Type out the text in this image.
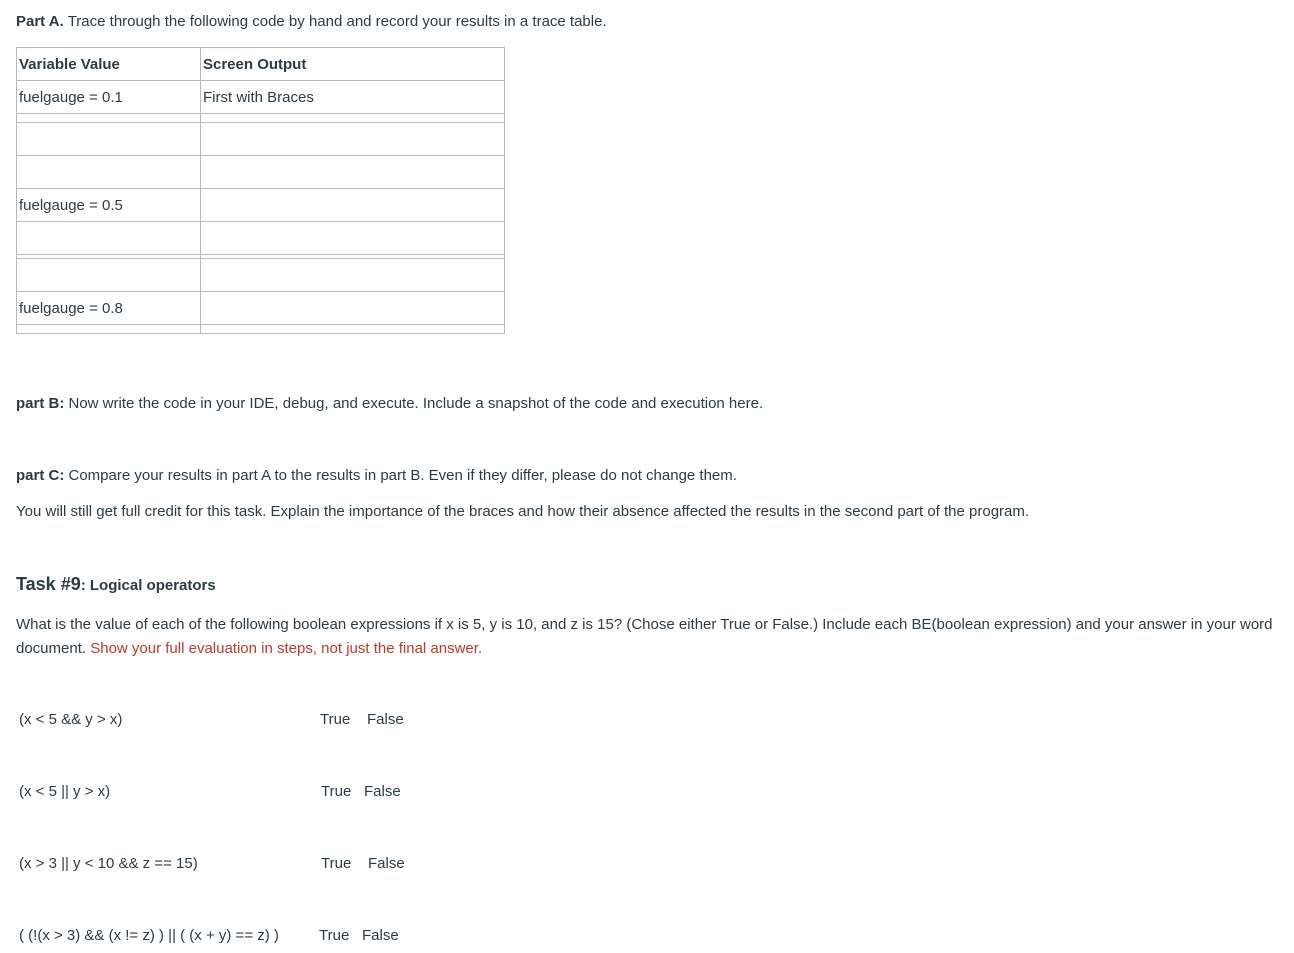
Part A. Trace through the following code by hand and record your results in a trace table.
Variable Value	Screen Output
fuelgauge = 0.1	First with Braces

fuelgauge = 0.5	

fuelgauge = 0.8	

part B: Now write the code in your IDE, debug, and execute. Include a snapshot of the code and execution here.
part C: Compare your results in part A to the results in part B. Even if they differ, please do not change them.
You will still get full credit for this task. Explain the importance of the braces and how their absence affected the results in the second part of the program.
Task #9: Logical operators
What is the value of each of the following boolean expressions if x is 5, y is 10, and z is 15? (Chose either True or False.) Include each BE(boolean expression) and your answer in your word document. Show your full evaluation in steps, not just the final answer.
(x < 5 && y > x)	True False
(x < 5 || y > x)	True False
(x > 3 || y < 10 && z == 15)	True False
( (!(x > 3) && (x != z) ) || ( (x + y) == z) )	True False
